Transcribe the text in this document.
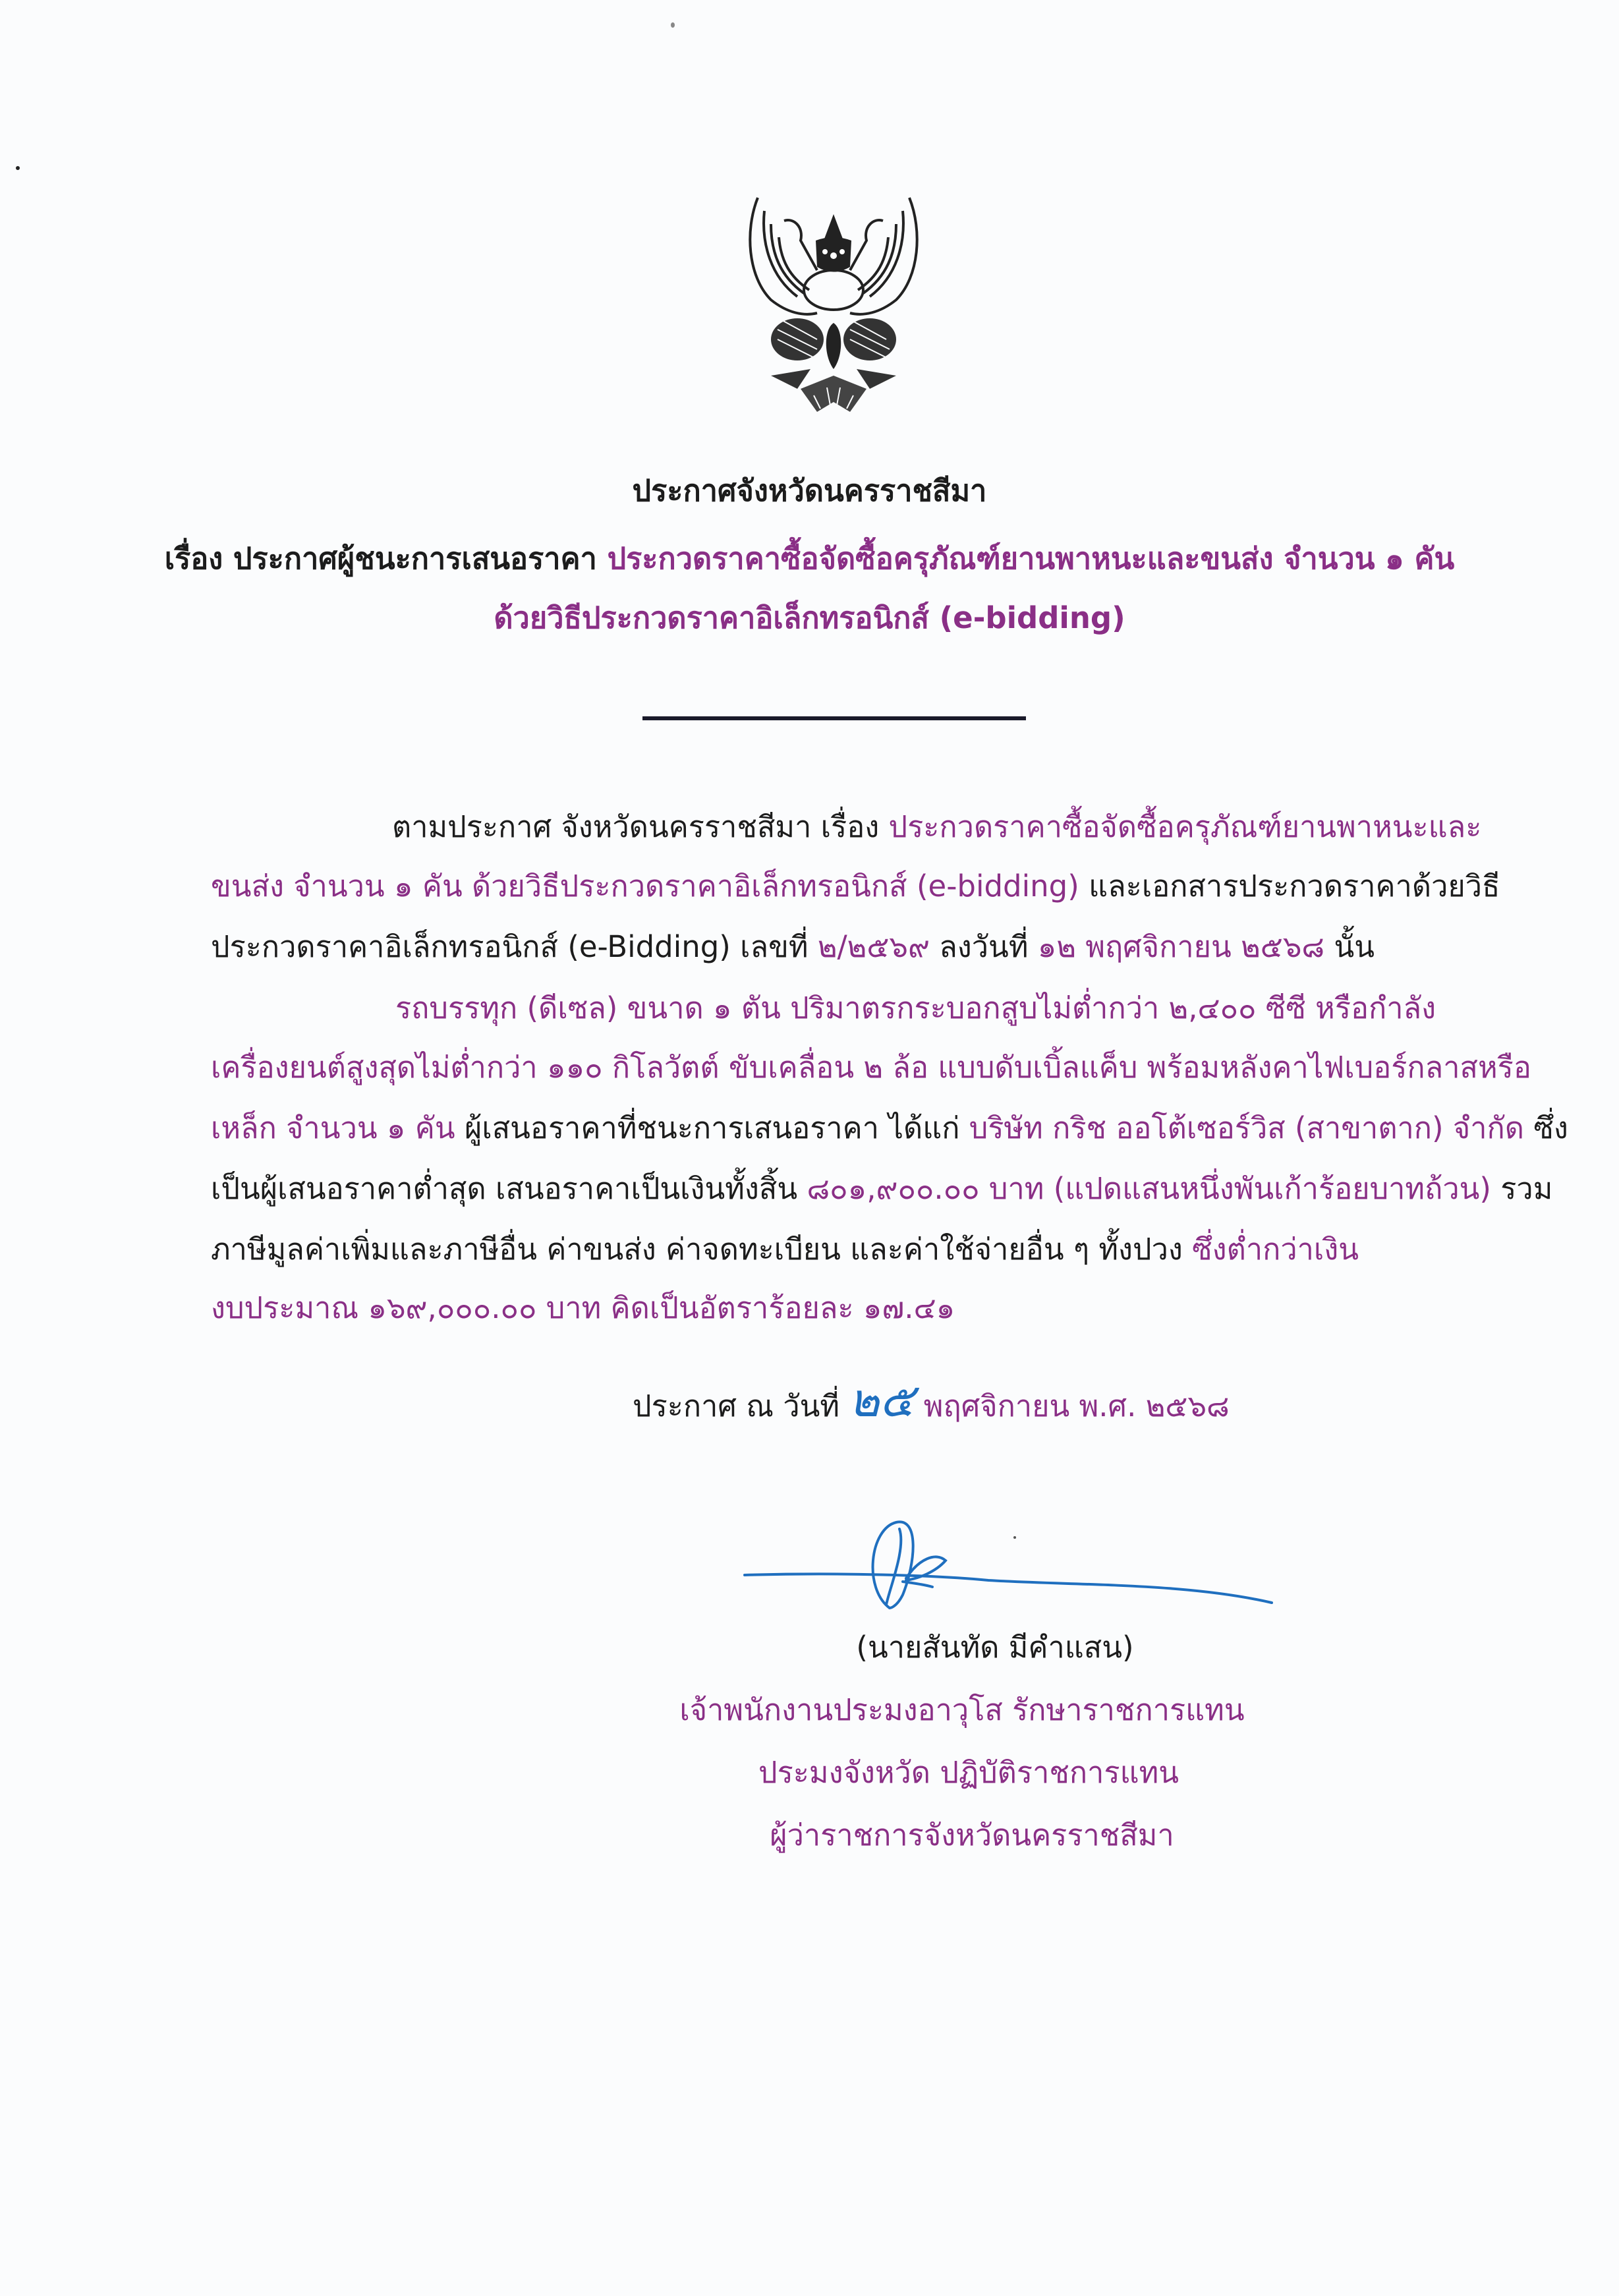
ประกาศจังหวัดนครราชสีมา
เรื่อง ประกาศผู้ชนะการเสนอราคา ประกวดราคาซื้อจัดซื้อครุภัณฑ์ยานพาหนะและขนส่ง จำนวน ๑ คัน
ด้วยวิธีประกวดราคาอิเล็กทรอนิกส์ (e-bidding)
ตามประกาศ จังหวัดนครราชสีมา เรื่อง ประกวดราคาซื้อจัดซื้อครุภัณฑ์ยานพาหนะและ
ขนส่ง จำนวน ๑ คัน ด้วยวิธีประกวดราคาอิเล็กทรอนิกส์ (e-bidding) และเอกสารประกวดราคาด้วยวิธี
ประกวดราคาอิเล็กทรอนิกส์ (e-Bidding) เลขที่ ๒/๒๕๖๙ ลงวันที่ ๑๒ พฤศจิกายน ๒๕๖๘ นั้น
รถบรรทุก (ดีเซล) ขนาด ๑ ตัน ปริมาตรกระบอกสูบไม่ต่ำกว่า ๒,๔๐๐ ซีซี หรือกำลัง
เครื่องยนต์สูงสุดไม่ต่ำกว่า ๑๑๐ กิโลวัตต์ ขับเคลื่อน ๒ ล้อ แบบดับเบิ้ลแค็บ พร้อมหลังคาไฟเบอร์กลาสหรือ
เหล็ก จำนวน ๑ คัน ผู้เสนอราคาที่ชนะการเสนอราคา ได้แก่ บริษัท กริช ออโต้เซอร์วิส (สาขาตาก) จำกัด ซึ่ง
เป็นผู้เสนอราคาต่ำสุด เสนอราคาเป็นเงินทั้งสิ้น ๘๐๑,๙๐๐.๐๐ บาท (แปดแสนหนึ่งพันเก้าร้อยบาทถ้วน) รวม
ภาษีมูลค่าเพิ่มและภาษีอื่น ค่าขนส่ง ค่าจดทะเบียน และค่าใช้จ่ายอื่น ๆ ทั้งปวง ซึ่งต่ำกว่าเงิน
งบประมาณ ๑๖๙,๐๐๐.๐๐ บาท คิดเป็นอัตราร้อยละ ๑๗.๔๑
ประกาศ ณ วันที่ ๒๕ พฤศจิกายน พ.ศ. ๒๕๖๘
(นายสันทัด มีคำแสน)
เจ้าพนักงานประมงอาวุโส รักษาราชการแทน
ประมงจังหวัด ปฏิบัติราชการแทน
ผู้ว่าราชการจังหวัดนครราชสีมา
